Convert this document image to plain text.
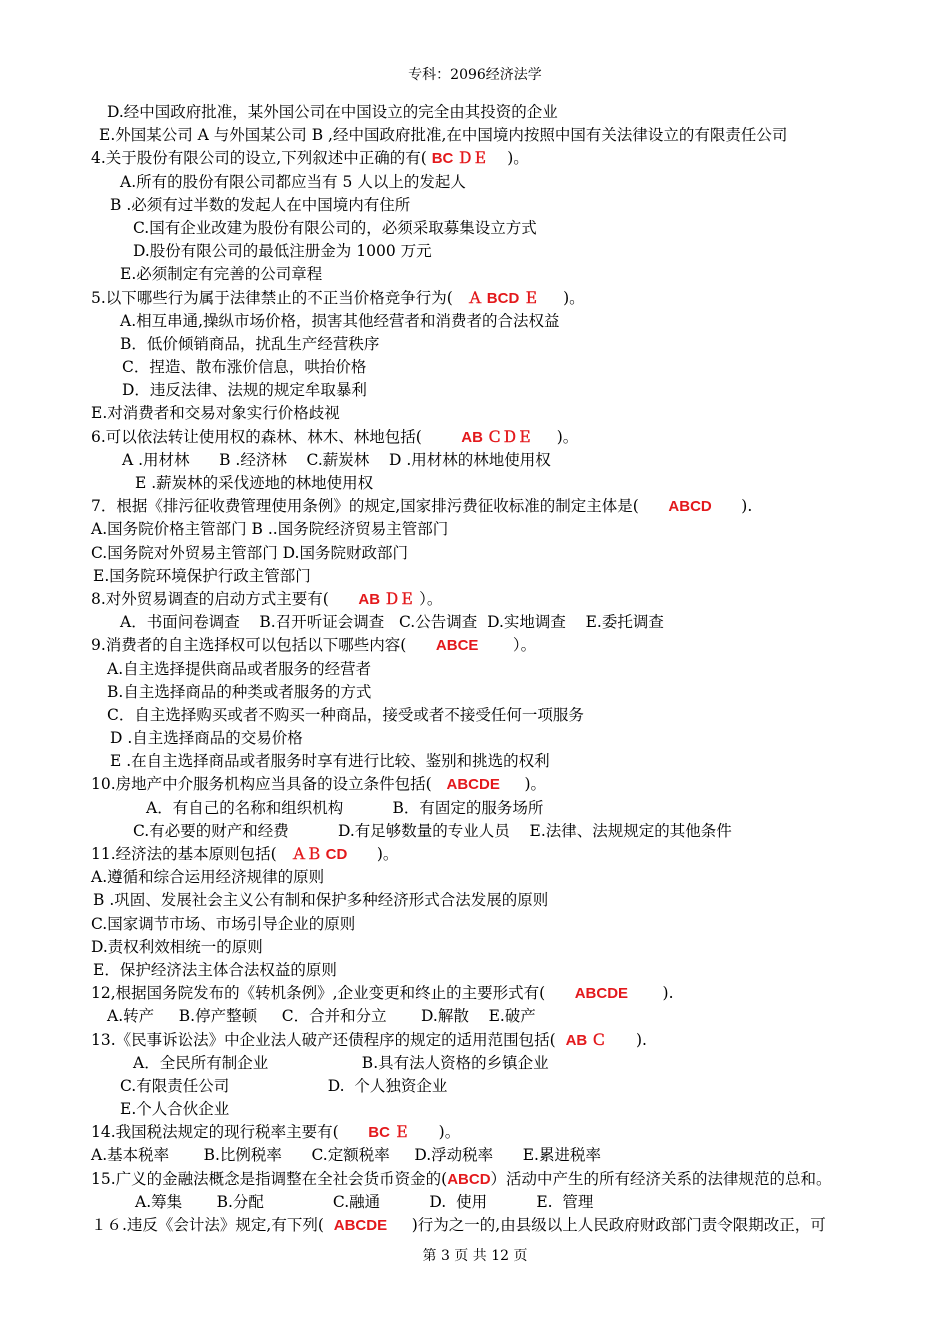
专科：2096经济法学
D.经中国政府批准，某外国公司在中国设立的完全由其投资的企业
E.外国某公司 A 与外国某公司 B ,经中国政府批准,在中国境内按照中国有关法律设立的有限责任公司
4.关于股份有限公司的设立,下列叙述中正确的有( BC ＤＥ    )。
A.所有的股份有限公司都应当有 5 人以上的发起人
B .必须有过半数的发起人在中国境内有住所
C.国有企业改建为股份有限公司的，必须采取募集设立方式
D.股份有限公司的最低注册金为 1000 万元
E.必须制定有完善的公司章程
5.以下哪些行为属于法律禁止的不正当价格竞争行为(   Ａ BCD Ｅ     )。
A.相互串通,操纵市场价格，损害其他经营者和消费者的合法权益
B．低价倾销商品，扰乱生产经营秩序
C．捏造、散布涨价信息，哄抬价格
D．违反法律、法规的规定牟取暴利
E.对消费者和交易对象实行价格歧视
6.可以依法转让使用权的森林、林木、林地包括(        AB ＣＤＥ     )。
A .用材林      B .经济林    C.薪炭林    D .用材林的林地使用权
E .薪炭林的采伐迹地的林地使用权
7．根据《排污征收费管理使用条例》的规定,国家排污费征收标准的制定主体是(      ABCD      ).
A.国务院价格主管部门 B ..国务院经济贸易主管部门
C.国务院对外贸易主管部门 D.国务院财政部门
E.国务院环境保护行政主管部门
8.对外贸易调查的启动方式主要有(      AB ＤＥ ）。
A．书面问卷调查    B.召开听证会调查   C.公告调查  D.实地调查    E.委托调查
9.消费者的自主选择权可以包括以下哪些内容(      ABCE       ）。
A.自主选择提供商品或者服务的经营者
B.自主选择商品的种类或者服务的方式
C．自主选择购买或者不购买一种商品，接受或者不接受任何一项服务
D .自主选择商品的交易价格
E .在自主选择商品或者服务时享有进行比较、鉴别和挑选的权利
10.房地产中介服务机构应当具备的设立条件包括(   ABCDE     )。
A．有自己的名称和组织机构          B．有固定的服务场所
C.有必要的财产和经费          D.有足够数量的专业人员    E.法律、法规规定的其他条件
11.经济法的基本原则包括(   ＡＢ CD      )。
A.遵循和综合运用经济规律的原则
B .巩固、发展社会主义公有制和保护多种经济形式合法发展的原则
C.国家调节市场、市场引导企业的原则
D.责权利效相统一的原则
E．保护经济法主体合法权益的原则
12,根据国务院发布的《转机条例》,企业变更和终止的主要形式有(      ABCDE       ).
A.转产     B.停产整顿     C．合并和分立       D.解散    E.破产
13.《民事诉讼法》中企业法人破产还债程序的规定的适用范围包括(  AB Ｃ      ).
A．全民所有制企业                   B.具有法人资格的乡镇企业
C.有限责任公司                    D.  个人独资企业
E.个人合伙企业
14.我国税法规定的现行税率主要有(      BC Ｅ      )。
A.基本税率       B.比例税率      C.定额税率     D.浮动税率      E.累进税率
15.广义的金融法概念是指调整在全社会货币资金的(ABCD）活动中产生的所有经济关系的法律规范的总和。
A.筹集       B.分配              C.融通          D.  使用          E.  管理
１６.违反《会计法》规定,有下列(  ABCDE     )行为之一的,由县级以上人民政府财政部门责令限期改正，可
第 3 页 共 12 页
